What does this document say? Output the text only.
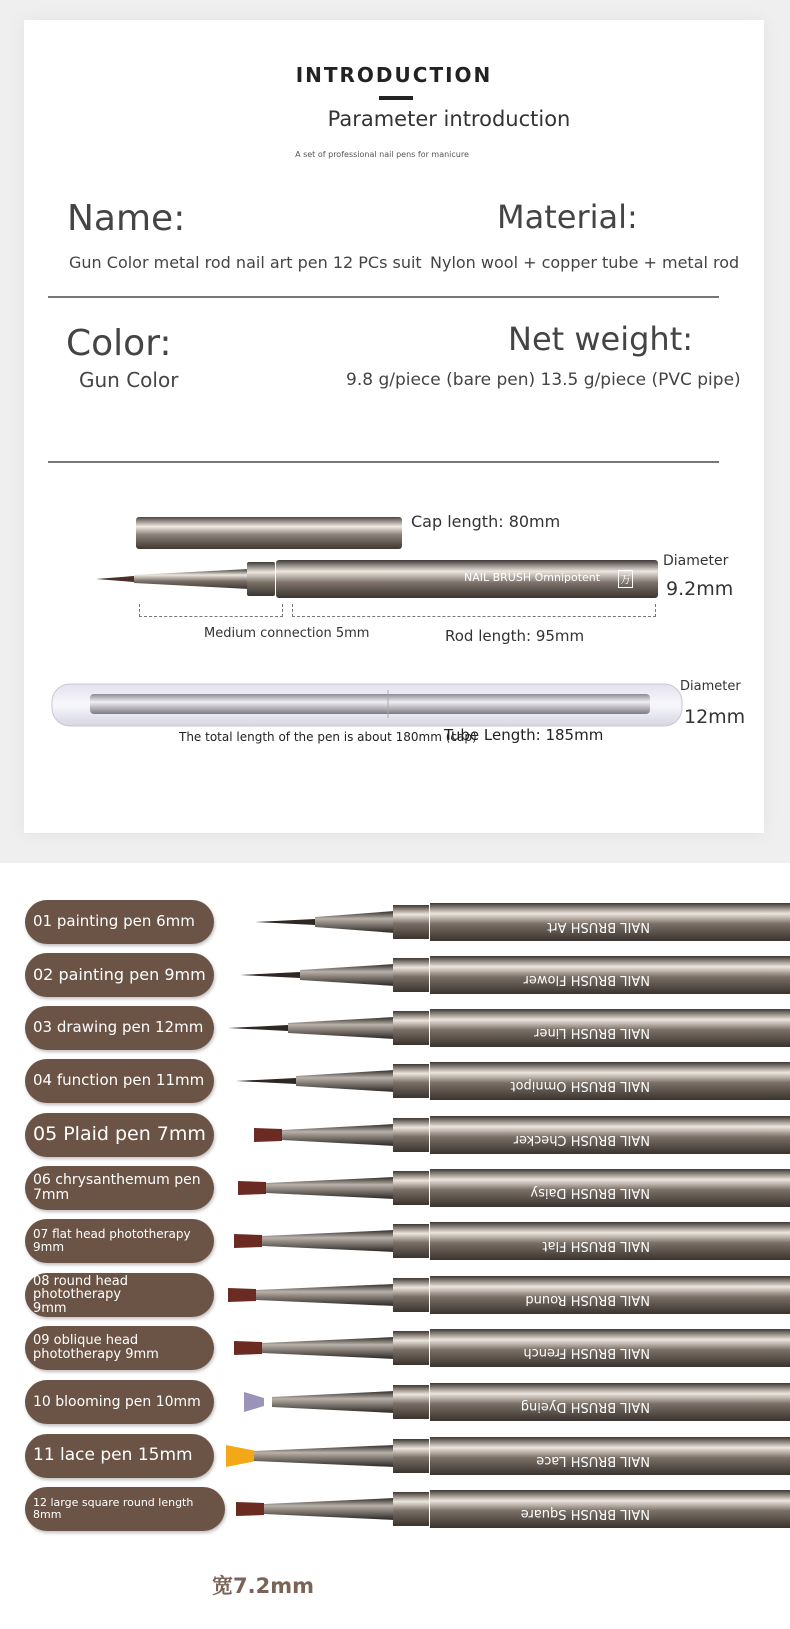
INTRODUCTION
Parameter introduction
A set of professional nail pens for manicure
Name:
Gun Color metal rod nail art pen 12 PCs suit
Material:
Nylon wool + copper tube + metal rod
Color:
Gun Color
Net weight:
9.8 g/piece (bare pen) 13.5 g/piece (PVC pipe)
Cap length: 80mm
NAIL BRUSH Omnipotent 万
Medium connection 5mm	Rod length: 95mm
Diameter
9.2mm
Diameter
12mm
The total length of the pen is about 180mm (cap)
Tube Length: 185mm
NAIL BRUSH Art
NAIL BRUSH Flower
NAIL BRUSH Liner
NAIL BRUSH Omnipot
NAIL BRUSH Checker
NAIL BRUSH Daisy
NAIL BRUSH Flat
NAIL BRUSH Round
NAIL BRUSH French
NAIL BRUSH Dyeing
NAIL BRUSH Lace
NAIL BRUSH Square
01 painting pen 6mm
02 painting pen 9mm
03 drawing pen 12mm
04 function pen 11mm
05 Plaid pen 7mm
06 chrysanthemum pen
7mm
07 flat head phototherapy
9mm
08 round head phototherapy
9mm
09 oblique head
phototherapy 9mm
10 blooming pen 10mm
11 lace pen 15mm
12 large square round length 8mm
宽7.2mm
